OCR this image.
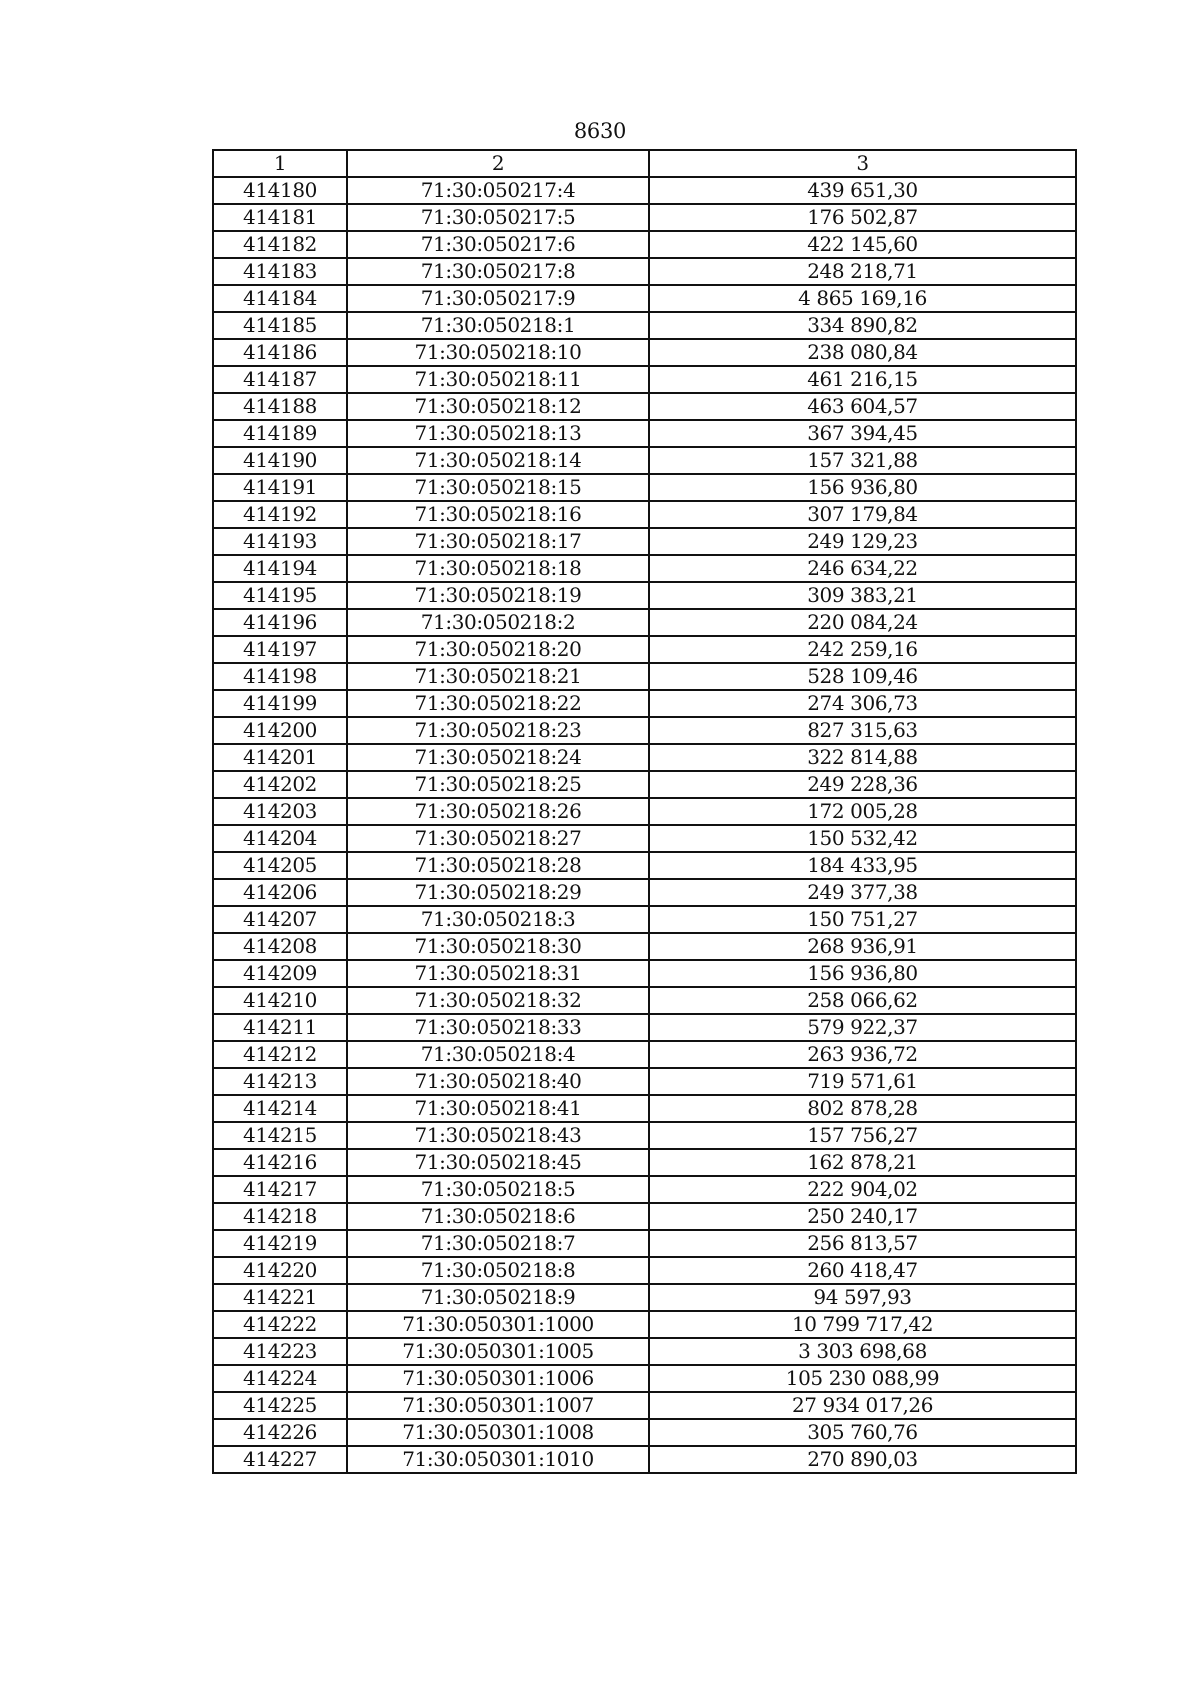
8630
1	2	3
414180	71:30:050217:4	439 651,30
414181	71:30:050217:5	176 502,87
414182	71:30:050217:6	422 145,60
414183	71:30:050217:8	248 218,71
414184	71:30:050217:9	4 865 169,16
414185	71:30:050218:1	334 890,82
414186	71:30:050218:10	238 080,84
414187	71:30:050218:11	461 216,15
414188	71:30:050218:12	463 604,57
414189	71:30:050218:13	367 394,45
414190	71:30:050218:14	157 321,88
414191	71:30:050218:15	156 936,80
414192	71:30:050218:16	307 179,84
414193	71:30:050218:17	249 129,23
414194	71:30:050218:18	246 634,22
414195	71:30:050218:19	309 383,21
414196	71:30:050218:2	220 084,24
414197	71:30:050218:20	242 259,16
414198	71:30:050218:21	528 109,46
414199	71:30:050218:22	274 306,73
414200	71:30:050218:23	827 315,63
414201	71:30:050218:24	322 814,88
414202	71:30:050218:25	249 228,36
414203	71:30:050218:26	172 005,28
414204	71:30:050218:27	150 532,42
414205	71:30:050218:28	184 433,95
414206	71:30:050218:29	249 377,38
414207	71:30:050218:3	150 751,27
414208	71:30:050218:30	268 936,91
414209	71:30:050218:31	156 936,80
414210	71:30:050218:32	258 066,62
414211	71:30:050218:33	579 922,37
414212	71:30:050218:4	263 936,72
414213	71:30:050218:40	719 571,61
414214	71:30:050218:41	802 878,28
414215	71:30:050218:43	157 756,27
414216	71:30:050218:45	162 878,21
414217	71:30:050218:5	222 904,02
414218	71:30:050218:6	250 240,17
414219	71:30:050218:7	256 813,57
414220	71:30:050218:8	260 418,47
414221	71:30:050218:9	94 597,93
414222	71:30:050301:1000	10 799 717,42
414223	71:30:050301:1005	3 303 698,68
414224	71:30:050301:1006	105 230 088,99
414225	71:30:050301:1007	27 934 017,26
414226	71:30:050301:1008	305 760,76
414227	71:30:050301:1010	270 890,03
